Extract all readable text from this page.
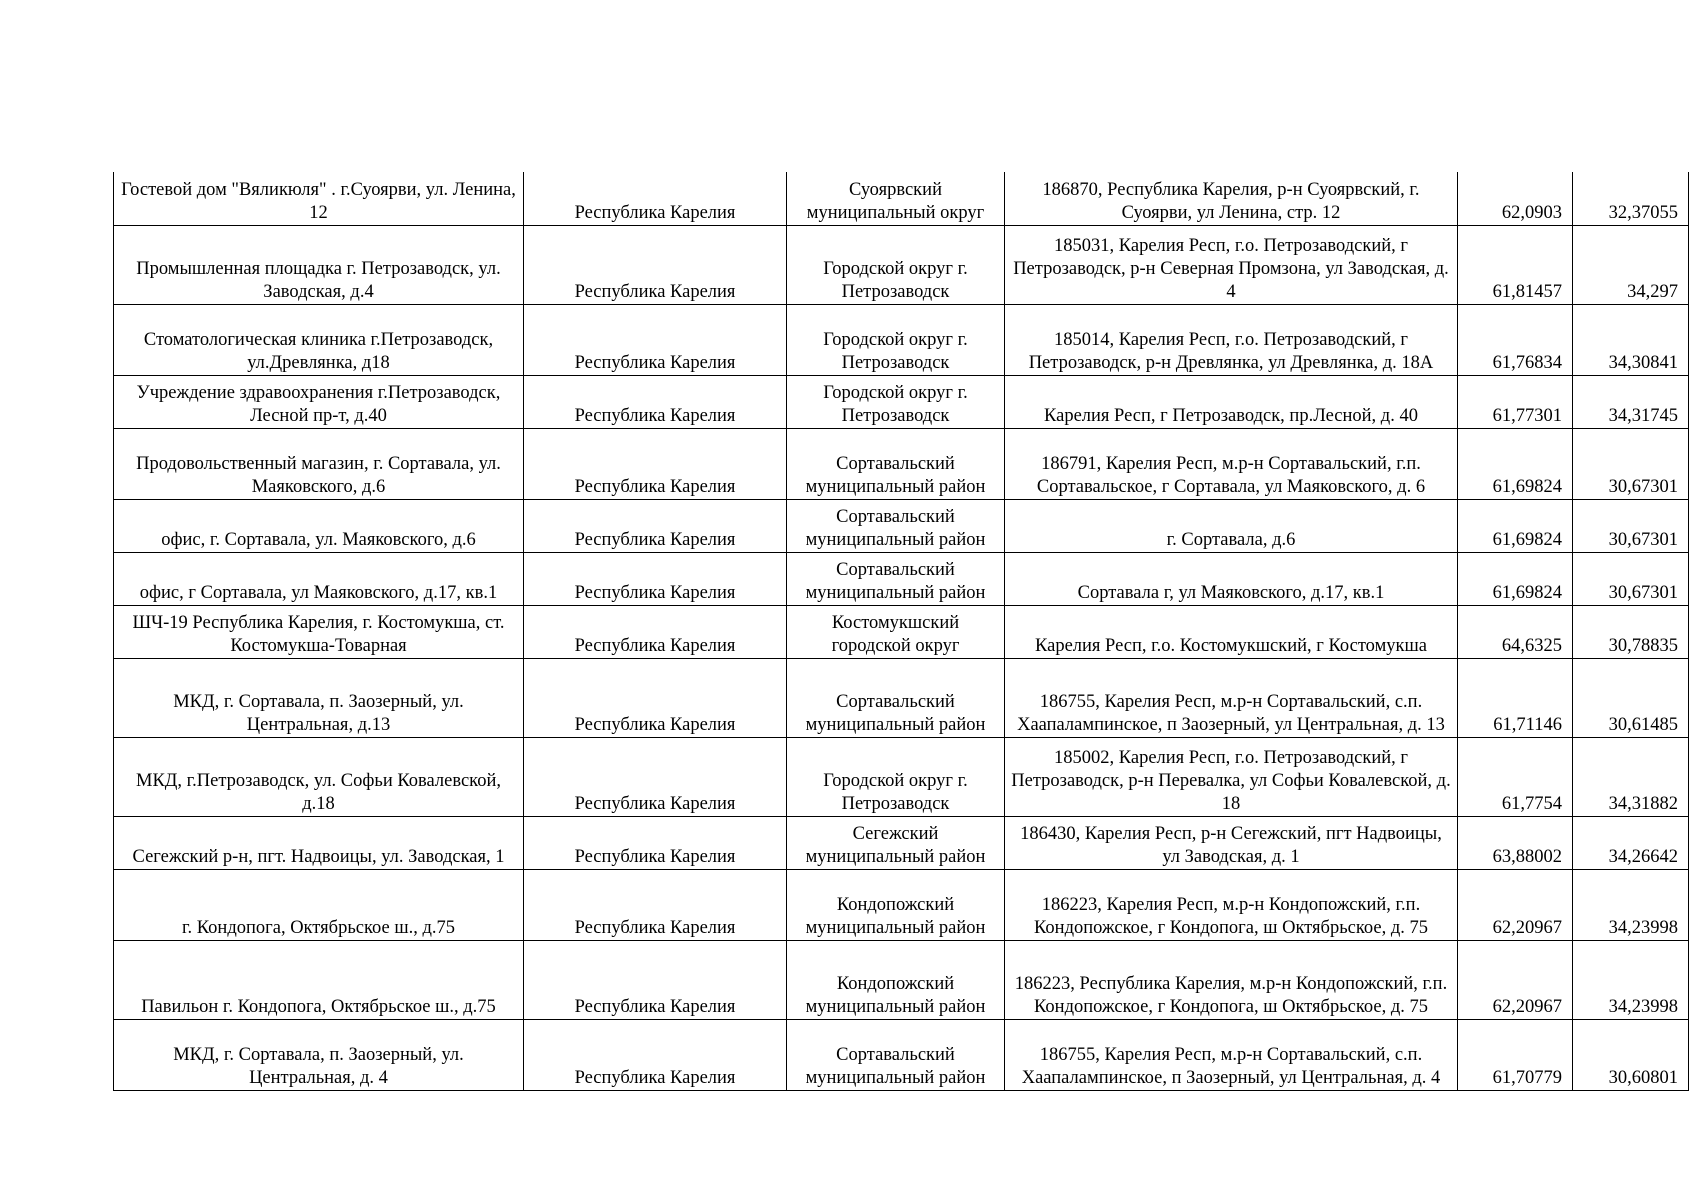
Гостевой дом "Вяликюля" . г.Суоярви, ул. Ленина, 12	Республика Карелия	Суоярвский муниципальный округ	186870, Республика Карелия, р-н Суоярвский, г. Суоярви, ул Ленина, стр. 12	62,0903	32,37055
Промышленная площадка г. Петрозаводск, ул. Заводская, д.4	Республика Карелия	Городской округ г. Петрозаводск	185031, Карелия Респ, г.о. Петрозаводский, г Петрозаводск, р-н Северная Промзона, ул Заводская, д. 4	61,81457	34,297
Стоматологическая клиника г.Петрозаводск, ул.Древлянка, д18	Республика Карелия	Городской округ г. Петрозаводск	185014, Карелия Респ, г.о. Петрозаводский, г Петрозаводск, р-н Древлянка, ул Древлянка, д. 18А	61,76834	34,30841
Учреждение здравоохранения г.Петрозаводск, Лесной пр-т, д.40	Республика Карелия	Городской округ г. Петрозаводск	Карелия Респ, г Петрозаводск, пр.Лесной, д. 40	61,77301	34,31745
Продовольственный магазин, г. Сортавала, ул. Маяковского, д.6	Республика Карелия	Сортавальский муниципальный район	186791, Карелия Респ, м.р-н Сортавальский, г.п. Сортавальское, г Сортавала, ул Маяковского, д. 6	61,69824	30,67301
офис, г. Сортавала, ул. Маяковского, д.6	Республика Карелия	Сортавальский муниципальный район	г. Сортавала, д.6	61,69824	30,67301
офис, г Сортавала, ул Маяковского, д.17, кв.1	Республика Карелия	Сортавальский муниципальный район	Сортавала г, ул Маяковского, д.17, кв.1	61,69824	30,67301
ШЧ-19 Республика Карелия, г. Костомукша, ст. Костомукша-Товарная	Республика Карелия	Костомукшский городской округ	Карелия Респ, г.о. Костомукшский, г Костомукша	64,6325	30,78835
МКД, г. Сортавала, п. Заозерный, ул. Центральная, д.13	Республика Карелия	Сортавальский муниципальный район	186755, Карелия Респ, м.р-н Сортавальский, с.п. Хаапалампинское, п Заозерный, ул Центральная, д. 13	61,71146	30,61485
МКД, г.Петрозаводск, ул. Софьи Ковалевской, д.18	Республика Карелия	Городской округ г. Петрозаводск	185002, Карелия Респ, г.о. Петрозаводский, г Петрозаводск, р-н Перевалка, ул Софьи Ковалевской, д. 18	61,7754	34,31882
Сегежский р-н, пгт. Надвоицы, ул. Заводская, 1	Республика Карелия	Сегежский муниципальный район	186430, Карелия Респ, р-н Сегежский, пгт Надвоицы, ул Заводская, д. 1	63,88002	34,26642
г. Кондопога, Октябрьское ш., д.75	Республика Карелия	Кондопожский муниципальный район	186223, Карелия Респ, м.р-н Кондопожский, г.п. Кондопожское, г Кондопога, ш Октябрьское, д. 75	62,20967	34,23998
Павильон г. Кондопога, Октябрьское ш., д.75	Республика Карелия	Кондопожский муниципальный район	186223, Республика Карелия, м.р-н Кондопожский, г.п. Кондопожское, г Кондопога, ш Октябрьское, д. 75	62,20967	34,23998
МКД, г. Сортавала, п. Заозерный, ул. Центральная, д. 4	Республика Карелия	Сортавальский муниципальный район	186755, Карелия Респ, м.р-н Сортавальский, с.п. Хаапалампинское, п Заозерный, ул Центральная, д. 4	61,70779	30,60801
